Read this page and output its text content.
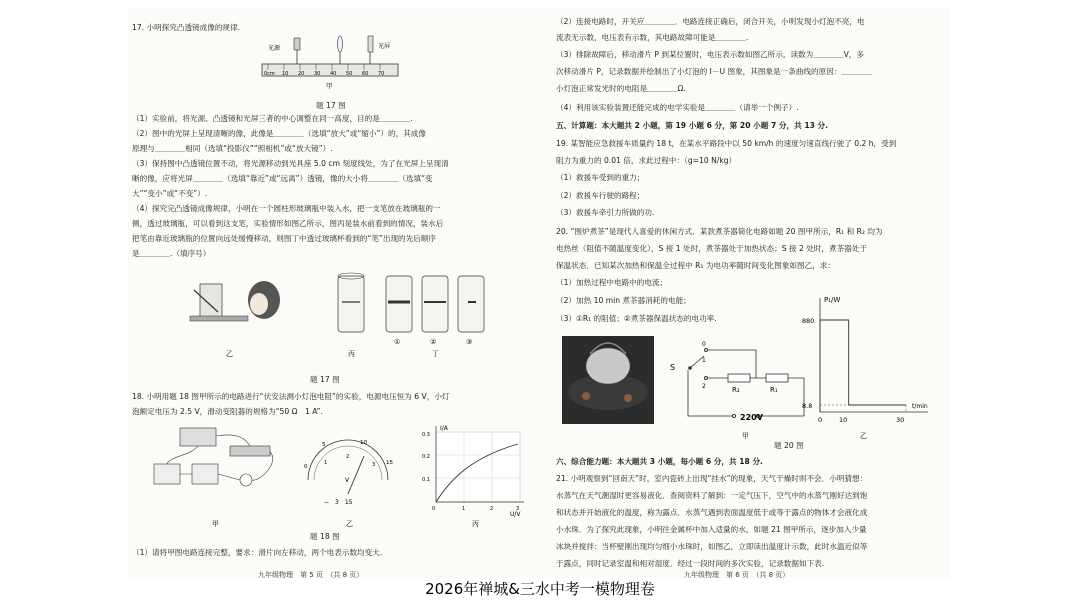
17. 小明探究凸透镜成像的规律.
0cm 10 20 30 40 50 60 70
光源	光屏
甲
题 17 图
（1）实验前，将光源、凸透镜和光屏三者的中心调整在同一高度，目的是＿＿＿＿.
（2）图中的光屏上呈现清晰的像，此像是＿＿＿＿（选填“放大”或“缩小”）的，其成像
原理与＿＿＿＿相同（选填“投影仪”“照相机”或“放大镜”）.
（3）保持图中凸透镜位置不动，将光源移动到光具座 5.0 cm 刻度线处，为了在光屏上呈现清
晰的像，应将光屏＿＿＿＿（选填“靠近”或“远离”）透镜，像的大小将＿＿＿＿（选填“变
大”“变小”或“不变”）.
（4）探究完凸透镜成像规律，小明在一个圆柱形玻璃瓶中装入水，把一支笔放在玻璃瓶的一
侧，透过玻璃瓶，可以看到这支笔，实验情形如图乙所示，图丙是装水前看到的情况，装水后
把笔由靠近玻璃瓶的位置向远处缓慢移动，则图丁中透过玻璃杯看到的“笔”出现的先后顺序
是＿＿＿＿.（填序号）
乙	丙
①	②	③
丁
题 17 图
18. 小明用题 18 图甲所示的电路进行“伏安法测小灯泡电阻”的实验，电源电压恒为 6 V，小灯
泡额定电压为 2.5 V，滑动变阻器的规格为“50 Ω　1 A”.
甲
0
5	10
15
1
2
3
V
−　3　15
乙
I/A
U/V
0.3
0.2
0.1
0	1	2	3
丙
题 18 图
（1）请将甲图电路连接完整，要求：滑片向左移动，两个电表示数均变大.
九年级物理　第 5 页　（共 8 页）
（2）连接电路时，开关应＿＿＿＿．电路连接正确后，闭合开关，小明发现小灯泡不亮，电
流表无示数，电压表有示数，其电路故障可能是＿＿＿＿.
（3）排除故障后，移动滑片 P 到某位置时，电压表示数如图乙所示，读数为＿＿＿＿V，多
次移动滑片 P，记录数据并绘制出了小灯泡的 I－U 图象，其图象是一条曲线的原因：＿＿＿＿
小灯泡正常发光时的电阻是＿＿＿＿Ω.
（4）利用该实验装置还能完成的电学实验是＿＿＿＿（请举一个例子）.
五、计算题：本大题共 2 小题，第 19 小题 6 分，第 20 小题 7 分，共 13 分.
19. 某智能应急救援车质量约 18 t，在某水平路段中以 50 km/h 的速度匀速直线行驶了 0.2 h，受到
阻力为重力的 0.01 倍，求此过程中：（g=10 N/kg）
（1）救援车受到的重力；
（2）救援车行驶的路程；
（3）救援车牵引力所做的功.
20. “围炉煮茶”是现代人喜爱的休闲方式．某款煮茶器简化电路如题 20 图甲所示，R₁ 和 R₂ 均为
电热丝（阻值不随温度变化），S 接 1 处时，煮茶器处于加热状态；S 接 2 处时，煮茶器处于
保温状态．已知某次加热和保温全过程中 R₁ 为电功率随时间变化图象如图乙，求：
（1）加热过程中电路中的电流；
（2）加热 10 min 煮茶器消耗的电能；
（3）①R₁ 的阻值；②煮茶器保温状态的电功率.
S
0
1
2	R₂	R₁
220V
甲
P₁/W
t/min
880
8.8
0	10	30
乙
题 20 图
六、综合能力题：本大题共 3 小题，每小题 6 分，共 18 分.
21. 小明观察到“回南天”时，室内瓷砖上出现“挂水”的现象，天气干燥时则不会．小明猜想：
水蒸气在天气潮湿时更容易液化．查阅资料了解到：一定气压下，空气中的水蒸气刚好达到饱
和状态并开始液化的温度，称为露点．水蒸气遇到表面温度低于或等于露点的物体才会液化成
小水珠．为了探究此现象，小明往金属杯中加入适量的水，如题 21 图甲所示，逐步加入少量
冰块并搅拌：当杯壁刚出现均匀细小水珠时，如图乙，立即读出温度计示数，此时水温近似等
于露点，同时记录室温和相对湿度．经过一段时间的多次实验，记录数据如下表.
九年级物理　第 6 页　（共 8 页）
2026年禅城&三水中考一模物理卷
